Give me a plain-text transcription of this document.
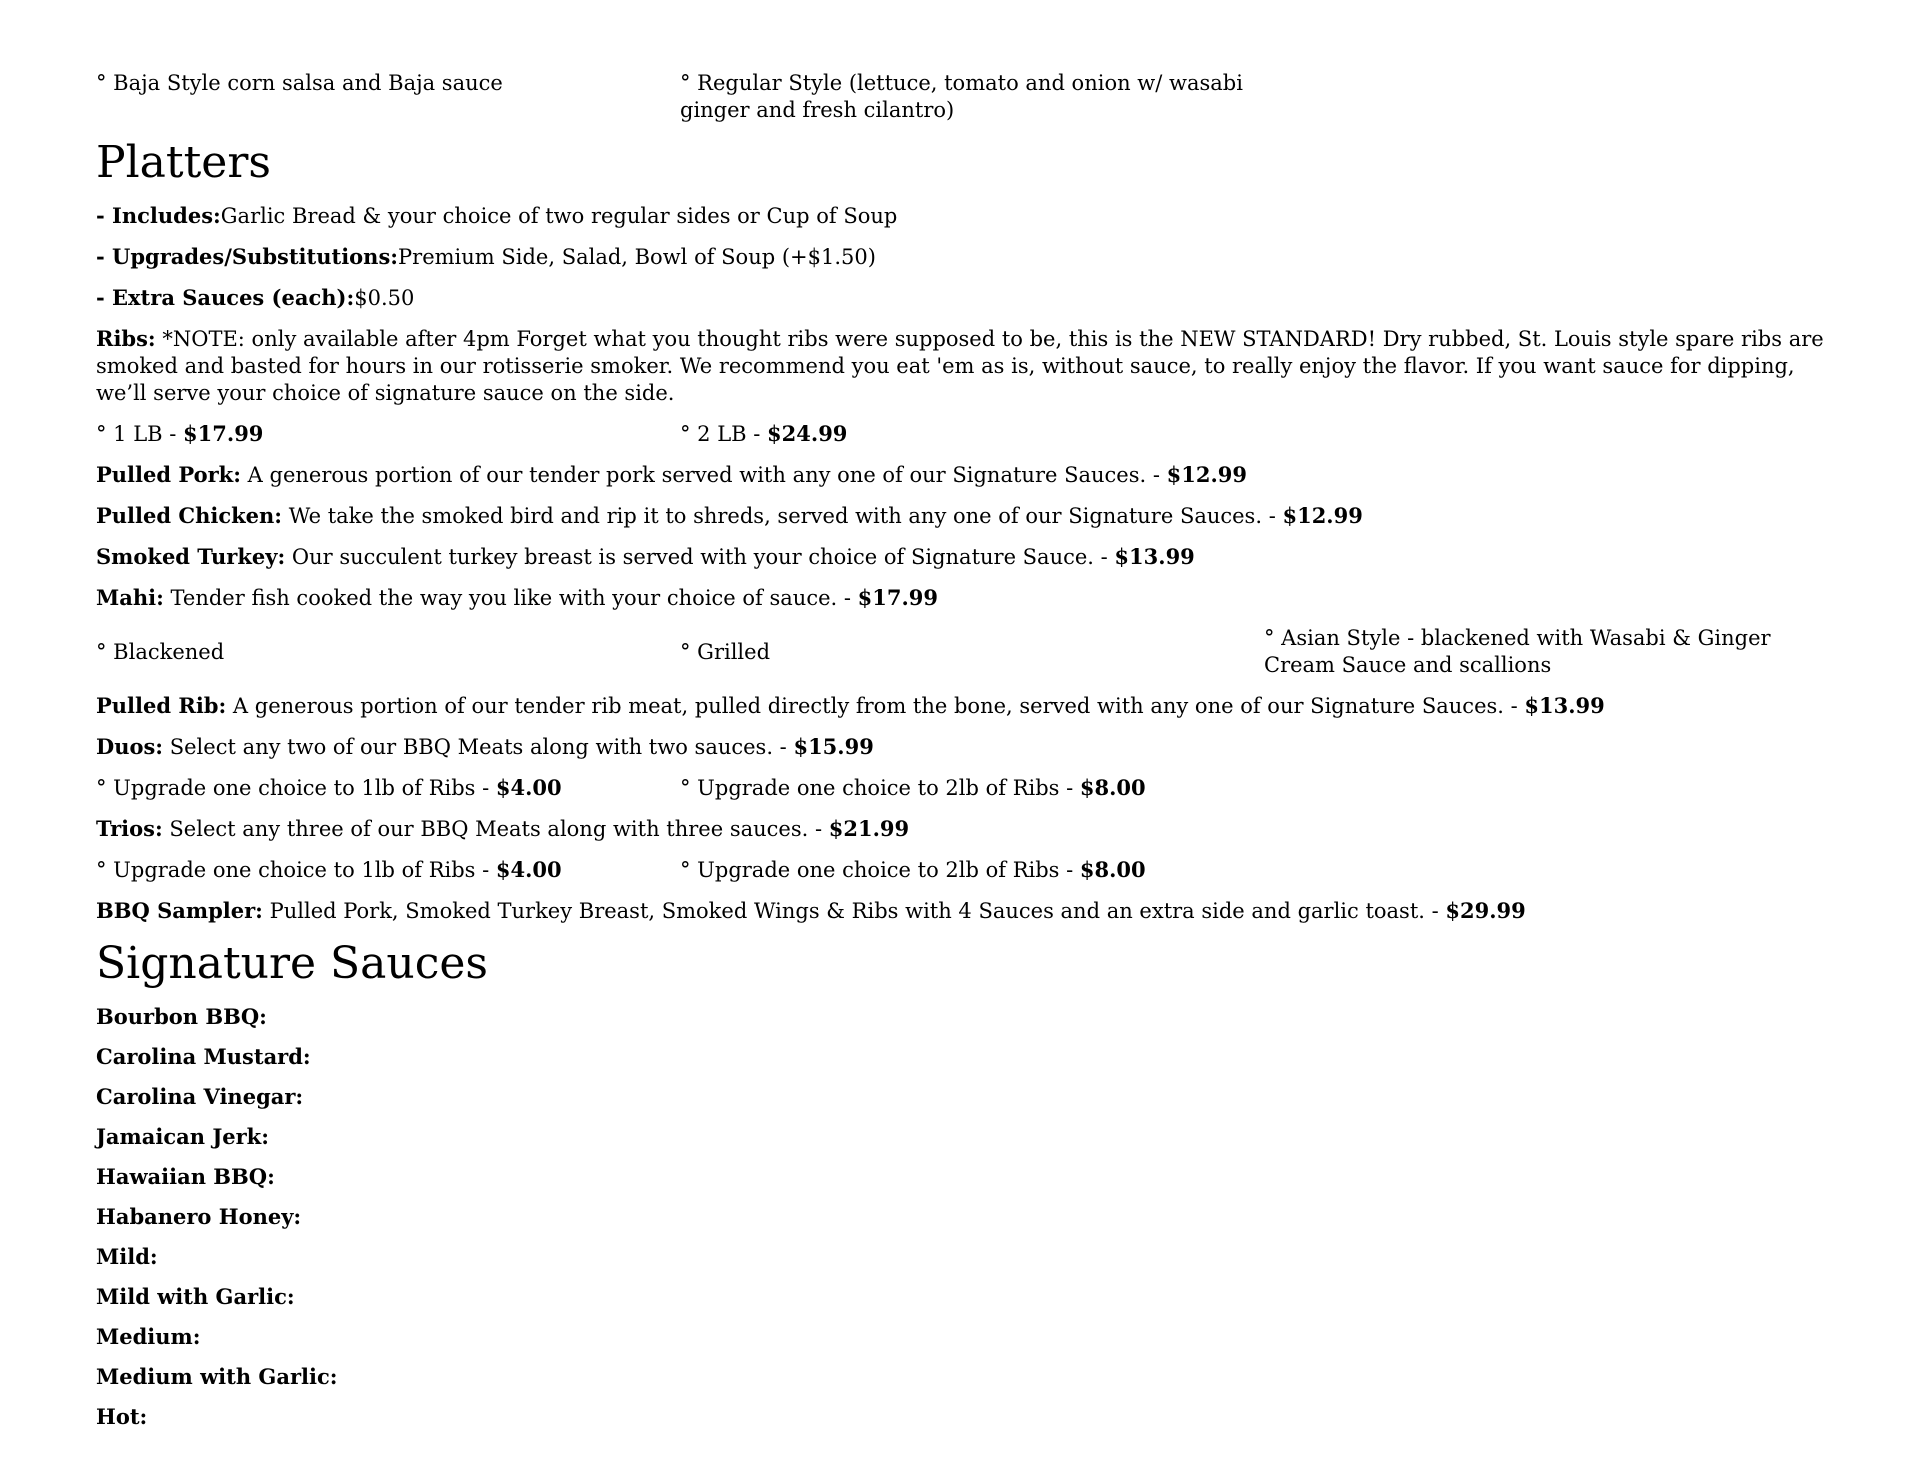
° Baja Style corn salsa and Baja sauce	° Regular Style (lettuce, tomato and onion w/ wasabi ginger and fresh cilantro)
Platters
- Includes:Garlic Bread & your choice of two regular sides or Cup of Soup
- Upgrades/Substitutions:Premium Side, Salad, Bowl of Soup (+$1.50)
- Extra Sauces (each):$0.50
Ribs: *NOTE: only available after 4pm Forget what you thought ribs were supposed to be, this is the NEW STANDARD! Dry rubbed, St. Louis style spare ribs are smoked and basted for hours in our rotisserie smoker. We recommend you eat 'em as is, without sauce, to really enjoy the flavor. If you want sauce for dipping, we’ll serve your choice of signature sauce on the side.
° 1 LB - $17.99	° 2 LB - $24.99
Pulled Pork: A generous portion of our tender pork served with any one of our Signature Sauces. - $12.99
Pulled Chicken: We take the smoked bird and rip it to shreds, served with any one of our Signature Sauces. - $12.99
Smoked Turkey: Our succulent turkey breast is served with your choice of Signature Sauce. - $13.99
Mahi: Tender fish cooked the way you like with your choice of sauce. - $17.99
° Blackened	° Grilled
° Asian Style - blackened with Wasabi & Ginger Cream Sauce and scallions
Pulled Rib: A generous portion of our tender rib meat, pulled directly from the bone, served with any one of our Signature Sauces. - $13.99
Duos: Select any two of our BBQ Meats along with two sauces. - $15.99
° Upgrade one choice to 1lb of Ribs - $4.00	° Upgrade one choice to 2lb of Ribs - $8.00
Trios: Select any three of our BBQ Meats along with three sauces. - $21.99
° Upgrade one choice to 1lb of Ribs - $4.00	° Upgrade one choice to 2lb of Ribs - $8.00
BBQ Sampler: Pulled Pork, Smoked Turkey Breast, Smoked Wings & Ribs with 4 Sauces and an extra side and garlic toast. - $29.99
Signature Sauces
Bourbon BBQ:
Carolina Mustard:
Carolina Vinegar:
Jamaican Jerk:
Hawaiian BBQ:
Habanero Honey:
Mild:
Mild with Garlic:
Medium:
Medium with Garlic:
Hot:
